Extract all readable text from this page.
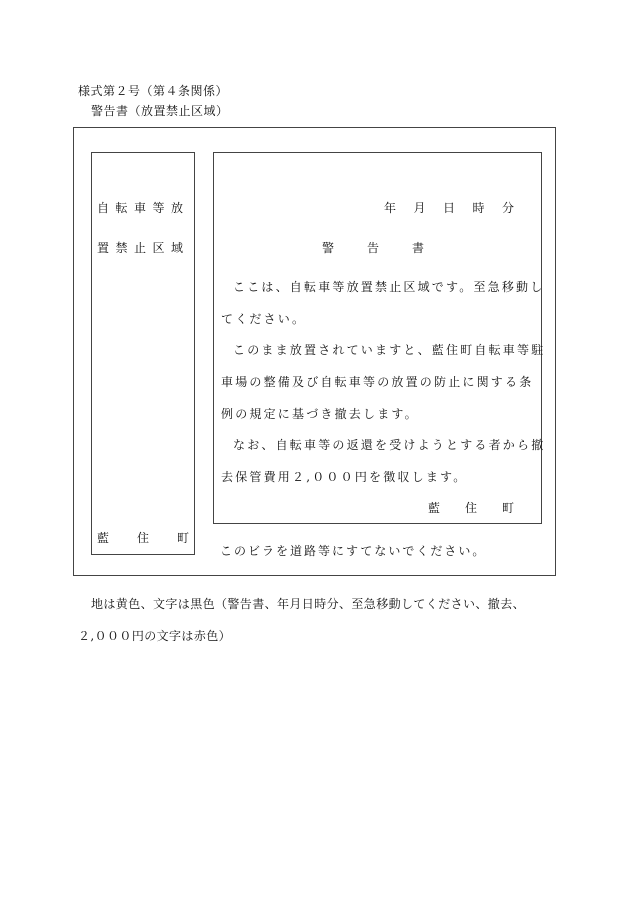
様式第２号（第４条関係）
警告書（放置禁止区域）
自転車等放
置禁止区域
藍 住 町
年 月 日 時 分
警	告	書
ここは、自転車等放置禁止区域です。至急移動し
てください。
このまま放置されていますと、藍住町自転車等駐
車場の整備及び自転車等の放置の防止に関する条
例の規定に基づき撤去します。
なお、自転車等の返還を受けようとする者から撤
去保管費用２,０００円を徴収します。
藍 住 町
このビラを道路等にすてないでください。
地は黄色、文字は黒色（警告書、年月日時分、至急移動してください、撤去、
２,０００円の文字は赤色）
